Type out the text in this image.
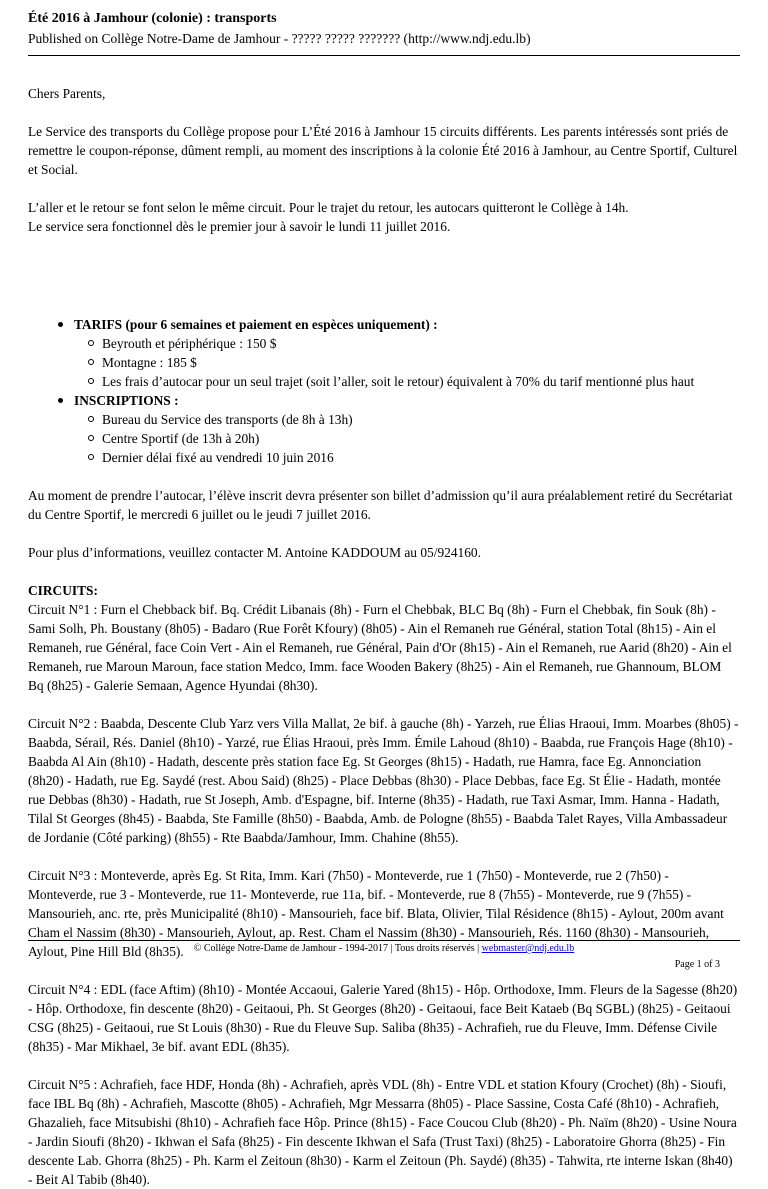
Été 2016 à Jamhour (colonie) : transports

Published on Collège Notre-Dame de Jamhour - ????? ????? ??????? (http://www.ndj.edu.lb)

Chers Parents,

Le Service des transports du Collège propose pour L’Été 2016 à Jamhour 15 circuits différents. Les parents intéressés sont priés de remettre le coupon-réponse, dûment rempli, au moment des inscriptions à la colonie Été 2016 à Jamhour, au Centre Sportif, Culturel et Social.

L’aller et le retour se font selon le même circuit. Pour le trajet du retour, les autocars quitteront le Collège à 14h.
Le service sera fonctionnel dès le premier jour à savoir le lundi 11 juillet 2016.

TARIFS (pour 6 semaines et paiement en espèces uniquement) :
Beyrouth et périphérique : 150 $
Montagne : 185 $
Les frais d’autocar pour un seul trajet (soit l’aller, soit le retour) équivalent à 70% du tarif mentionné plus haut
INSCRIPTIONS :
Bureau du Service des transports (de 8h à 13h)
Centre Sportif (de 13h à 20h)
Dernier délai fixé au vendredi 10 juin 2016

Au moment de prendre l’autocar, l’élève inscrit devra présenter son billet d’admission qu’il aura préalablement retiré du Secrétariat du Centre Sportif, le mercredi 6 juillet ou le jeudi 7 juillet 2016.

Pour plus d’informations, veuillez contacter M. Antoine KADDOUM au 05/924160.

CIRCUITS:

Circuit N°1 : Furn el Chebback bif. Bq. Crédit Libanais (8h) - Furn el Chebbak, BLC Bq (8h) - Furn el Chebbak, fin Souk (8h) - Sami Solh, Ph. Boustany (8h05) - Badaro (Rue Forêt Kfoury) (8h05) - Ain el Remaneh rue Général, station Total (8h15) - Ain el Remaneh, rue Général, face Coin Vert - Ain el Remaneh, rue Général, Pain d'Or (8h15) - Ain el Remaneh, rue Aarid (8h20) - Ain el Remaneh, rue Maroun Maroun, face station Medco, Imm. face Wooden Bakery (8h25) - Ain el Remaneh, rue Ghannoum, BLOM Bq (8h25) - Galerie Semaan, Agence Hyundai (8h30).

Circuit N°2 : Baabda, Descente Club Yarz vers Villa Mallat, 2e bif. à gauche (8h) - Yarzeh, rue Élias Hraoui, Imm. Moarbes (8h05) - Baabda, Sérail, Rés. Daniel (8h10) - Yarzé, rue Élias Hraoui, près Imm. Émile Lahoud (8h10) - Baabda, rue François Hage (8h10) - Baabda Al Ain (8h10) - Hadath, descente près station face Eg. St Georges (8h15) - Hadath, rue Hamra, face Eg. Annonciation (8h20) - Hadath, rue Eg. Saydé (rest. Abou Said) (8h25) - Place Debbas (8h30) - Place Debbas, face Eg. St Élie - Hadath, montée rue Debbas (8h30) - Hadath, rue St Joseph, Amb. d'Espagne, bif. Interne (8h35) - Hadath, rue Taxi Asmar, Imm. Hanna - Hadath, Tilal St Georges (8h45) - Baabda, Ste Famille (8h50) - Baabda, Amb. de Pologne (8h55) - Baabda Talet Rayes, Villa Ambassadeur de Jordanie (Côté parking) (8h55) - Rte Baabda/Jamhour, Imm. Chahine (8h55).

Circuit N°3 : Monteverde, après Eg. St Rita, Imm. Kari (7h50) - Monteverde, rue 1 (7h50) - Monteverde, rue 2 (7h50) - Monteverde, rue 3 - Monteverde, rue 11- Monteverde, rue 11a, bif. - Monteverde, rue 8 (7h55) - Monteverde, rue 9 (7h55) - Mansourieh, anc. rte, près Municipalité (8h10) - Mansourieh, face bif. Blata, Olivier, Tilal Résidence (8h15) - Aylout, 200m avant Cham el Nassim (8h30) - Mansourieh, Aylout, ap. Rest. Cham el Nassim (8h30) - Mansourieh, Rés. 1160 (8h30) - Mansourieh, Aylout, Pine Hill Bld (8h35).

Circuit N°4 : EDL (face Aftim) (8h10) - Montée Accaoui, Galerie Yared (8h15) - Hôp. Orthodoxe, Imm. Fleurs de la Sagesse (8h20) - Hôp. Orthodoxe, fin descente (8h20) - Geitaoui, Ph. St Georges (8h20) - Geitaoui, face Beit Kataeb (Bq SGBL) (8h25) - Geitaoui CSG (8h25) - Geitaoui, rue St Louis (8h30) - Rue du Fleuve Sup. Saliba (8h35) - Achrafieh, rue du Fleuve, Imm. Défense Civile (8h35) - Mar Mikhael, 3e bif. avant EDL (8h35).

Circuit N°5 : Achrafieh, face HDF, Honda (8h) - Achrafieh, après VDL (8h) - Entre VDL et station Kfoury (Crochet) (8h) - Sioufi, face IBL Bq (8h) - Achrafieh, Mascotte (8h05) - Achrafieh, Mgr Messarra (8h05) - Place Sassine, Costa Café (8h10) - Achrafieh, Ghazalieh, face Mitsubishi (8h10) - Achrafieh face Hôp. Prince (8h15) - Face Coucou Club (8h20) - Ph. Naïm (8h20) - Usine Noura - Jardin Sioufi (8h20) - Ikhwan el Safa (8h25) - Fin descente Ikhwan el Safa (Trust Taxi) (8h25) - Laboratoire Ghorra (8h25) - Fin descente Lab. Ghorra (8h25) - Ph. Karm el Zeitoun (8h30) - Karm el Zeitoun (Ph. Saydé) (8h35) - Tahwita, rte interne Iskan (8h40) - Beit Al Tabib (8h40).

© Collège Notre-Dame de Jamhour - 1994-2017 | Tous droits réservés | webmaster@ndj.edu.lb
Page 1 of 3
